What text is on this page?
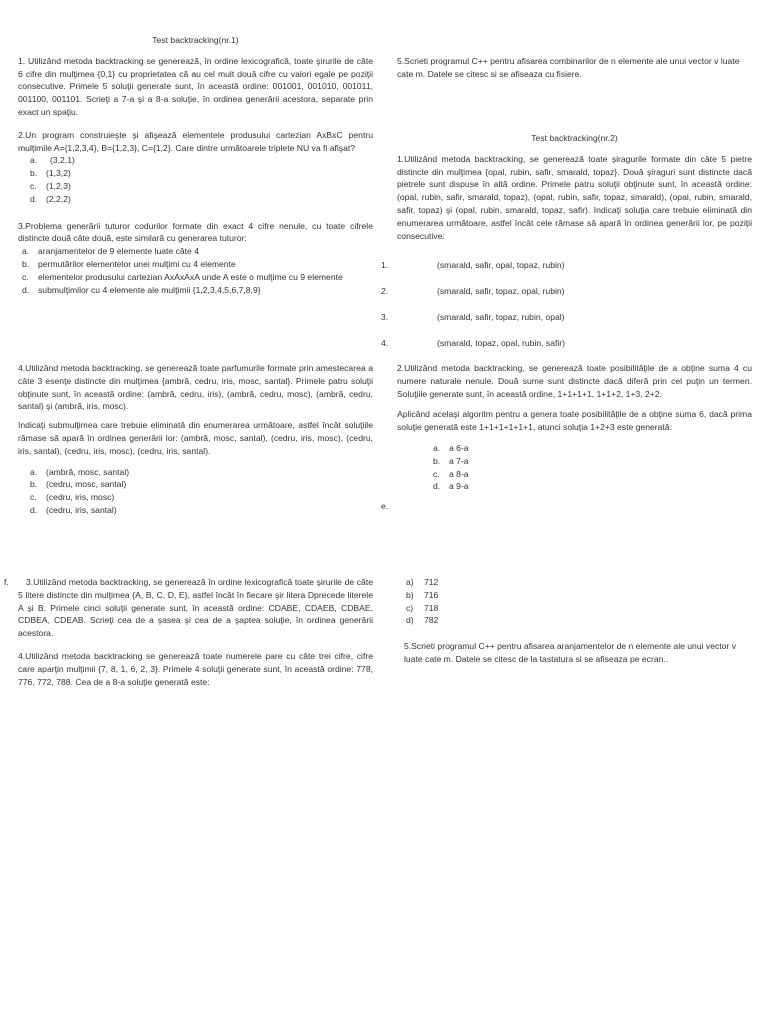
Test backtracking(nr.1)

1. Utilizând metoda backtracking se generează, în ordine lexicografică, toate şirurile de câte 6 cifre din mulţimea {0,1} cu proprietatea că au cel mult două cifre cu valori egale pe poziţii consecutive. Primele 5 soluţii generate sunt, în această ordine: 001001, 001010, 001011, 001100, 001101. Scrieţi a 7-a şi a 8-a soluţie, în ordinea generării acestora, separate prin exact un spaţiu.

2.Un program construieşte şi afişează elementele produsului cartezian AxBxC pentru mulţimile A={1,2,3,4}, B={1,2,3}, C={1,2}. Care dintre următoarele triplete NU va fi afişat?

a. (3,2,1)
b. (1,3,2)
c. (1,2,3)
d. (2,2,2)

3.Problema generării tuturor codurilor formate din exact 4 cifre nenule, cu toate cifrele distincte două câte două, este similară cu generarea tuturor:

a. aranjamentelor de 9 elemente luate câte 4
b. permutărilor elementelor unei mulţimi cu 4 elemente
c. elementelor produsului cartezian AxAxAxA unde A este o mulţime cu 9 elemente
d. submulţimilor cu 4 elemente ale mulţimii {1,2,3,4,5,6,7,8,9}

4.Utilizând metoda backtracking, se generează toate parfumurile formate prin amestecarea a câte 3 esenţe distincte din mulţimea {ambră, cedru, iris, mosc, santal}. Primele patru soluţii obţinute sunt, în această ordine: (ambră, cedru, iris), (ambră, cedru, mosc), (ambră, cedru, santal) şi (ambră, iris, mosc).

Indicaţi submulţimea care trebuie eliminată din enumerarea următoare, astfel încât soluţiile rămase să apară în ordinea generării lor: (ambră, mosc, santal), (cedru, iris, mosc), (cedru, iris, santal), (cedru, iris, mosc), (cedru, iris, santal).

a. (ambră, mosc, santal)
b. (cedru, mosc, santal)
c. (cedru, iris, mosc)
d. (cedru, iris, santal)

5.Scrieti programul C++ pentru afisarea combinarilor de n elemente ale unui vector v luate cate m. Datele se citesc si se afiseaza cu fisiere.

Test backtracking(nr.2)

1.Utilizând metoda backtracking, se generează toate şiragurile formate din câte 5 pietre distincte din mulţimea {opal, rubin, safir, smarald, topaz}. Două şiraguri sunt distincte dacă pietrele sunt dispuse în altă ordine. Primele patru soluţii obţinute sunt, în această ordine: (opal, rubin, safir, smarald, topaz), (opal, rubin, safir, topaz, smarald), (opal, rubin, smarald, safir, topaz) şi (opal, rubin, smarald, topaz, safir). Indicaţi soluţia care trebuie eliminată din enumerarea următoare, astfel încât cele rămase să apară în ordinea generării lor, pe poziţii consecutive:

1.	(smarald, safir, opal, topaz, rubin)
2.	(smarald, safir, topaz, opal, rubin)
3.	(smarald, safir, topaz, rubin, opal)
4.	(smarald, topaz, opal, rubin, safir)

2.Utilizând metoda backtracking, se generează toate posibilităţile de a obţine suma 4 cu numere naturale nenule. Două sume sunt distincte dacă diferă prin cel puţin un termen. Soluţiile generate sunt, în această ordine, 1+1+1+1, 1+1+2, 1+3, 2+2.

Aplicând acelaşi algoritm pentru a genera toate posibilităţile de a obţine suma 6, dacă prima soluţie generată este 1+1+1+1+1+1, atunci soluţia 1+2+3 este generată:

a. a 6-a
b. a 7-a
c. a 8-a
d. a 9-a
e.
f.	3.Utilizând metoda backtracking, se generează în ordine lexicografică toate şirurile de câte 5 litere distincte din mulţimea {A, B, C, D, E}, astfel încât în fiecare şir litera Dprecede literele A şi B. Primele cinci soluţii generate sunt, în această ordine: CDABE, CDAEB, CDBAE, CDBEA, CDEAB. Scrieţi cea de a şasea şi cea de a şaptea soluţie, în ordinea generării acestora.

4.Utilizând metoda backtracking se generează toate numerele pare cu câte trei cifre, cifre care aparţin mulţimii {7, 8, 1, 6, 2, 3}. Primele 4 soluţii generate sunt, în această ordine: 778, 776, 772, 788. Cea de a 8-a soluţie generată este:

a) 712
b) 716
c) 718
d) 782

5.Scrieti programul C++ pentru afisarea aranjamentelor de n elemente ale unui vector v luate cate m. Datele se citesc de la tastatura si se afiseaza pe ecran..
